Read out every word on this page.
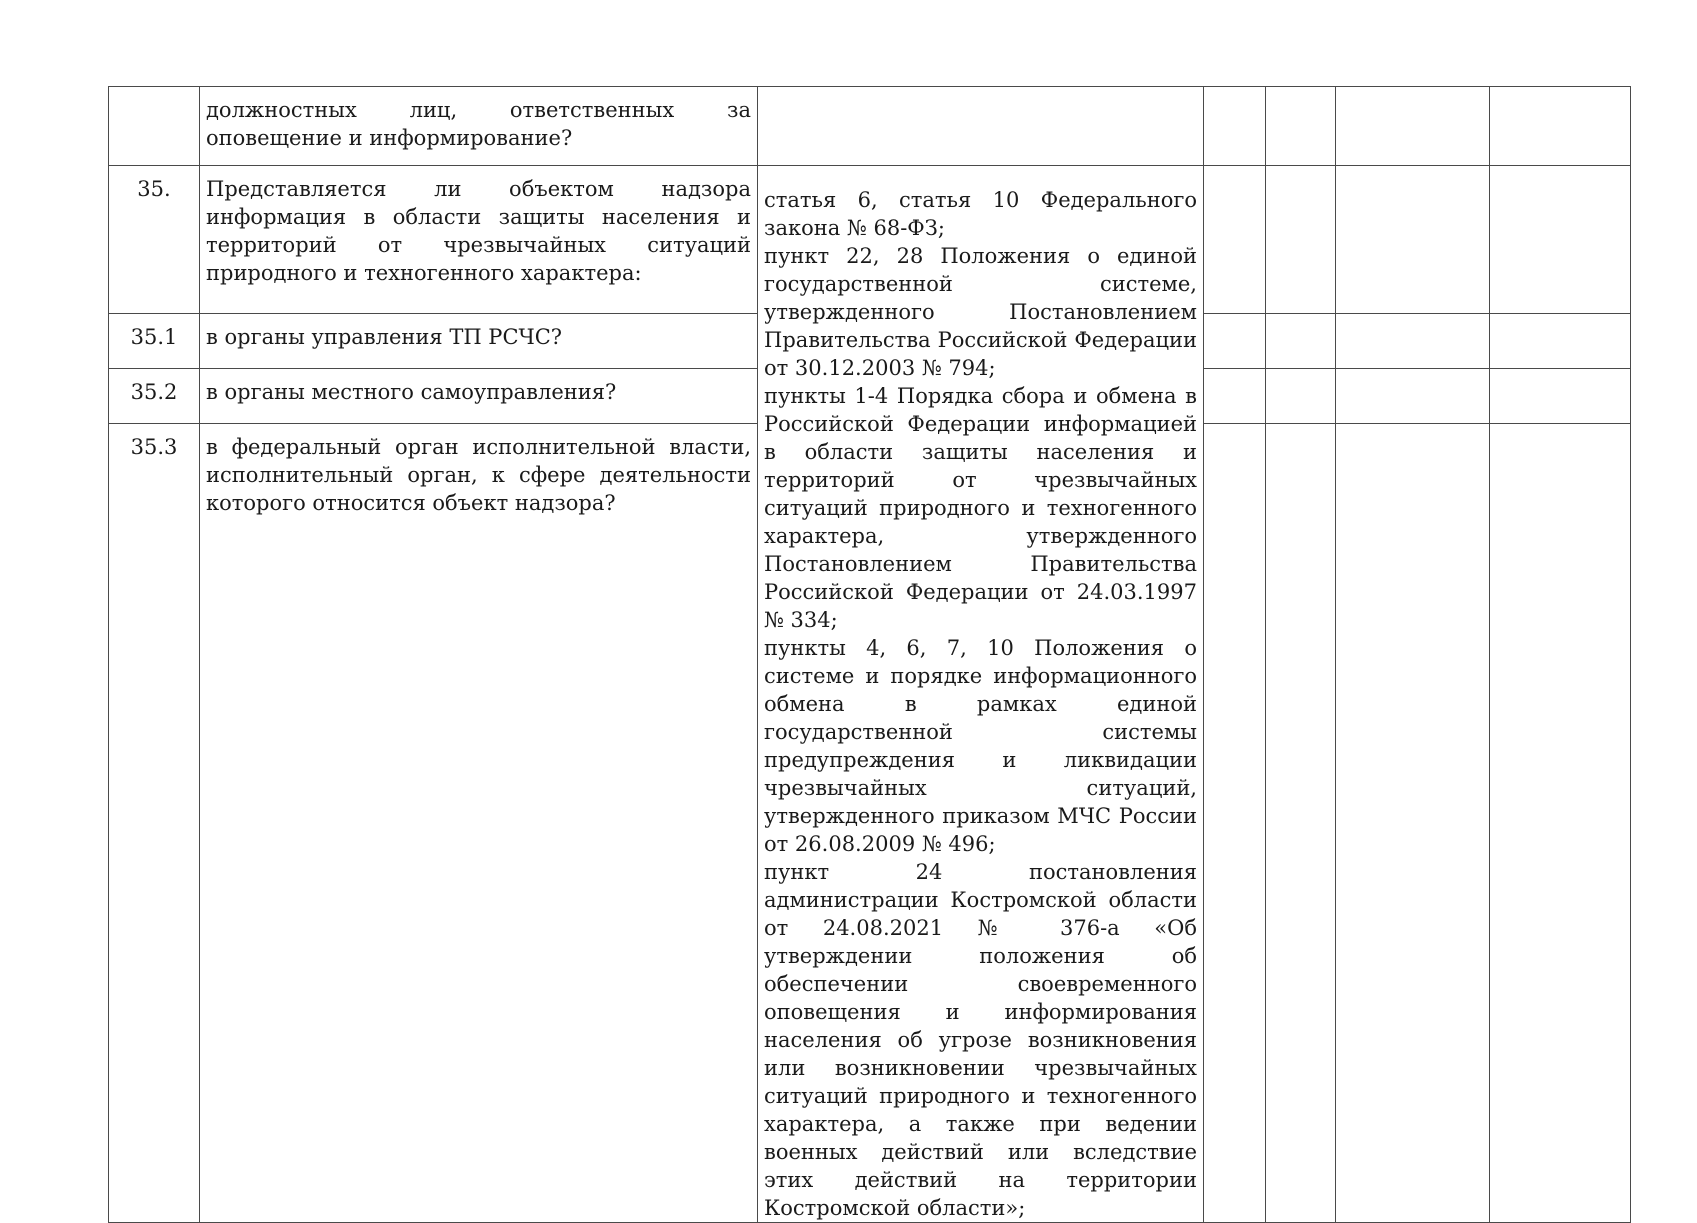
	должностных лиц, ответственных за оповещение и информирование?					
35.	Представляется ли объектом надзора информация в области защиты населения и территорий от чрезвычайных ситуаций природного и техногенного характера:	статья 6, статья 10 Федерального закона № 68-ФЗ;
пункт 22, 28 Положения о единой государственной системе, утвержденного Постановлением Правительства Российской Федерации от 30.12.2003 № 794;
пункты 1-4 Порядка сбора и обмена в Российской Федерации информацией в области защиты населения и территорий от чрезвычайных ситуаций природного и техногенного характера, утвержденного Постановлением Правительства Российской Федерации от 24.03.1997 № 334;
пункты 4, 6, 7, 10 Положения о системе и порядке информационного обмена в рамках единой государственной системы предупреждения и ликвидации чрезвычайных ситуаций, утвержденного приказом МЧС России от 26.08.2009 № 496;
пункт 24 постановления администрации Костромской области от 24.08.2021 № 376-а «Об утверждении положения об обеспечении своевременного оповещения и информирования населения об угрозе возникновения или возникновении чрезвычайных ситуаций природного и техногенного характера, а также при ведении военных действий или вследствие этих действий на территории Костромской области»;				

35.1	в органы управления ТП РСЧС?					
35.2	в органы местного самоуправления?					
35.3	в федеральный орган исполнительной власти, исполнительный орган, к сфере деятельности которого относится объект надзора?					
